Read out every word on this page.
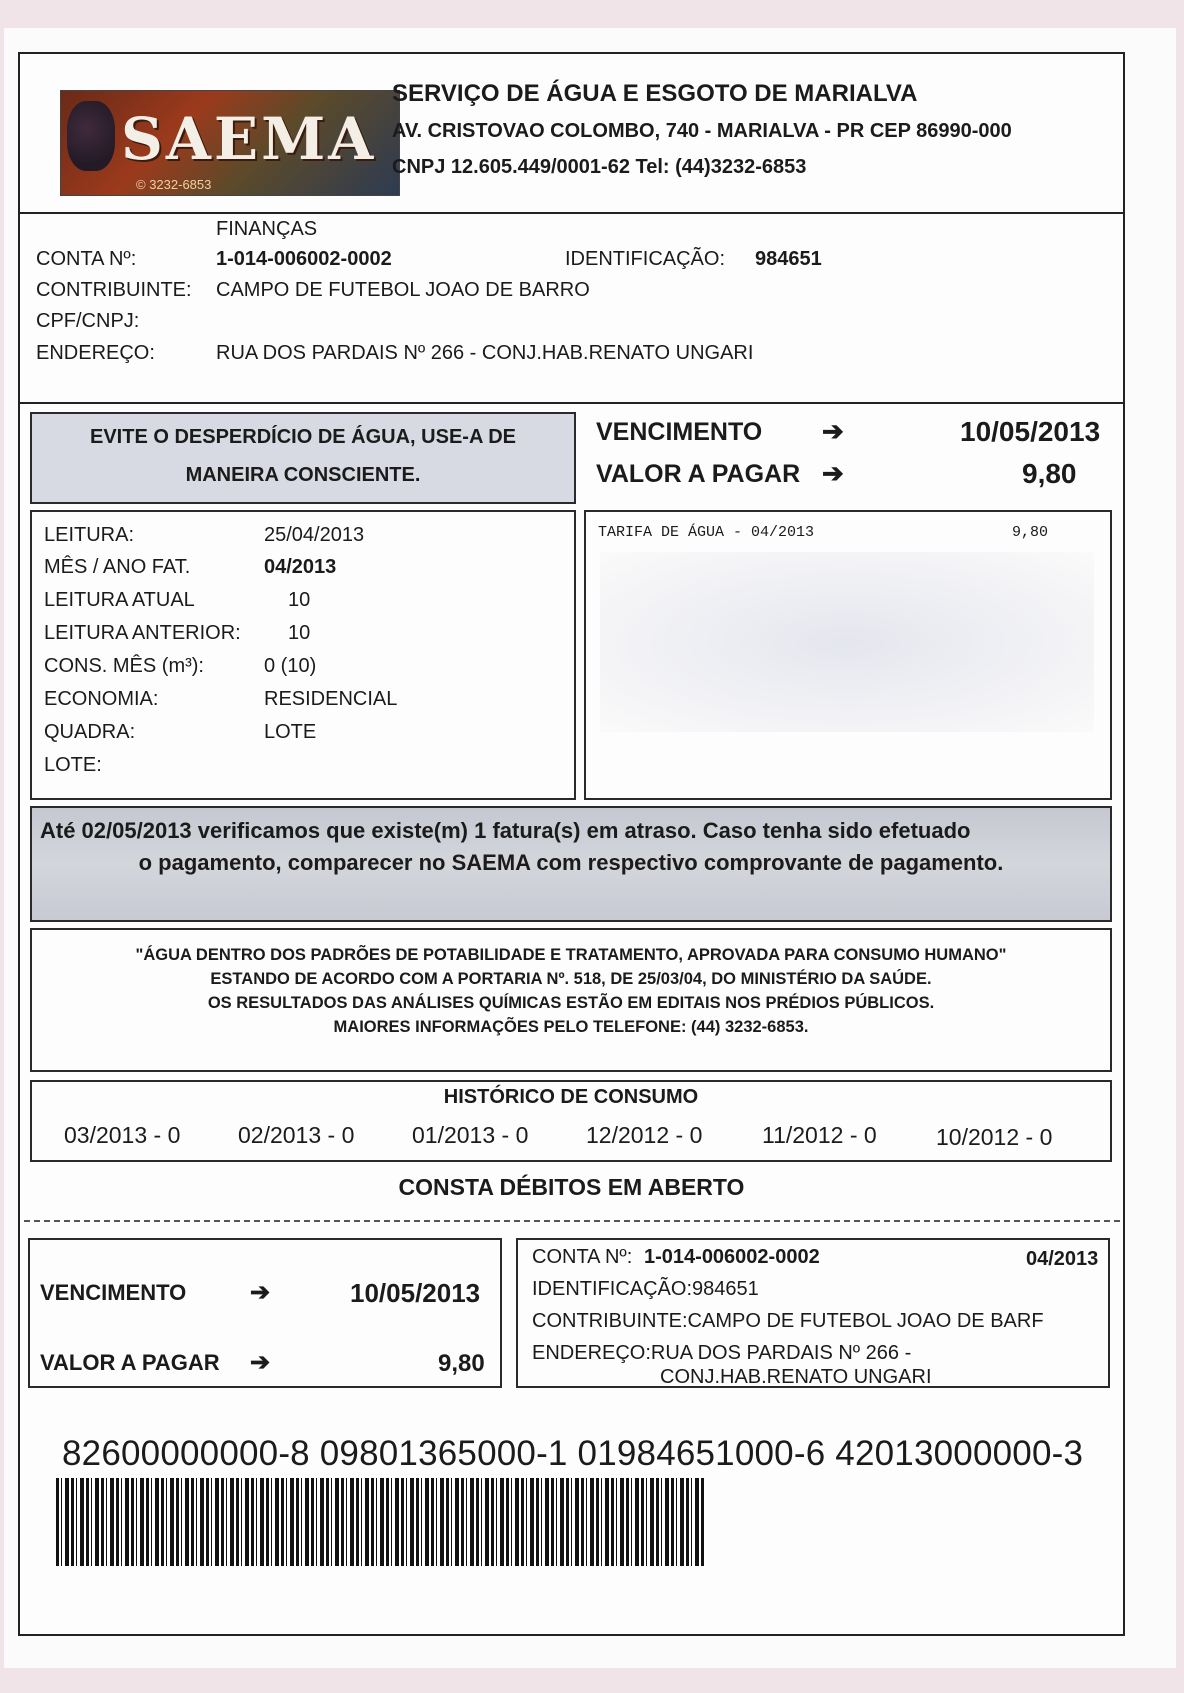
SAEMA
© 3232-6853
SERVIÇO DE ÁGUA E ESGOTO DE MARIALVA
AV. CRISTOVAO COLOMBO, 740 - MARIALVA - PR CEP 86990-000
CNPJ 12.605.449/0001-62 Tel: (44)3232-6853
FINANÇAS
CONTA Nº:	1-014-006002-0002	IDENTIFICAÇÃO: 984651
CONTRIBUINTE: CAMPO DE FUTEBOL JOAO DE BARRO
CPF/CNPJ:
ENDEREÇO:	RUA DOS PARDAIS Nº 266 - CONJ.HAB.RENATO UNGARI
EVITE O DESPERDÍCIO DE ÁGUA, USE-A DE
MANEIRA CONSCIENTE.
VENCIMENTO ➔	10/05/2013
VALOR A PAGAR ➔	9,80
LEITURA:	25/04/2013
MÊS / ANO FAT.	04/2013
LEITURA ATUAL	10
LEITURA ANTERIOR: 10
CONS. MÊS (m³):	0 (10)
ECONOMIA:	RESIDENCIAL
QUADRA:	LOTE
LOTE:
TARIFA DE ÁGUA - 04/2013	9,80
Até 02/05/2013 verificamos que existe(m) 1 fatura(s) em atraso. Caso tenha sido efetuado
o pagamento, comparecer no SAEMA com respectivo comprovante de pagamento.
"ÁGUA DENTRO DOS PADRÕES DE POTABILIDADE E TRATAMENTO, APROVADA PARA CONSUMO HUMANO"
ESTANDO DE ACORDO COM A PORTARIA Nº. 518, DE 25/03/04, DO MINISTÉRIO DA SAÚDE.
OS RESULTADOS DAS ANÁLISES QUÍMICAS ESTÃO EM EDITAIS NOS PRÉDIOS PÚBLICOS.
MAIORES INFORMAÇÕES PELO TELEFONE: (44) 3232-6853.
HISTÓRICO DE CONSUMO
03/2013 - 0	02/2013 - 0	01/2013 - 0	12/2012 - 0	11/2012 - 0	10/2012 - 0
CONSTA DÉBITOS EM ABERTO
VENCIMENTO	➔	10/05/2013
VALOR A PAGAR ➔	9,80
CONTA Nº: 1-014-006002-0002	04/2013
IDENTIFICAÇÃO:984651
CONTRIBUINTE:CAMPO DE FUTEBOL JOAO DE BARF
ENDEREÇO:RUA DOS PARDAIS Nº 266 -
CONJ.HAB.RENATO UNGARI
82600000000-8 09801365000-1 01984651000-6 42013000000-3
